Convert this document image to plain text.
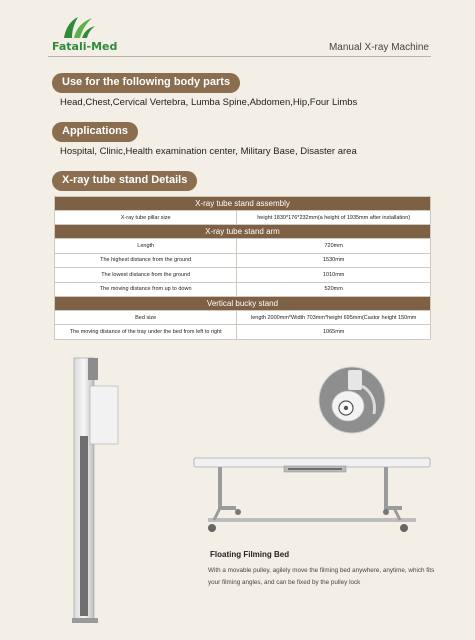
Fatali-Med	Manual X-ray Machine
Use for the following body parts
Head,Chest,Cervical Vertebra, Lumba Spine,Abdomen,Hip,Four Limbs
Applications
Hospital, Clinic,Health examination center, Military Base, Disaster area
X-ray tube stand Details
X-ray tube stand assembly	
X-ray tube pillar size	height 1830*176*232mm(a height of 1935mm after installation)
X-ray tube stand arm	
Length	720mm
The highest distance from the ground	1530mm
The lowest distance from the ground	1010mm
The moving distance from up to down	520mm
Vertical bucky stand	
Bed size	length 2000mm*Width 703mm*height 695mm(Castor height 150mm
The moving distance of the tray under the bed from left to right	1065mm
Floating Filming Bed
With a movable pulley, agilely move the filming bed anywhere, anytime, which fits your filming angles, and can be fixed by the pulley lock
